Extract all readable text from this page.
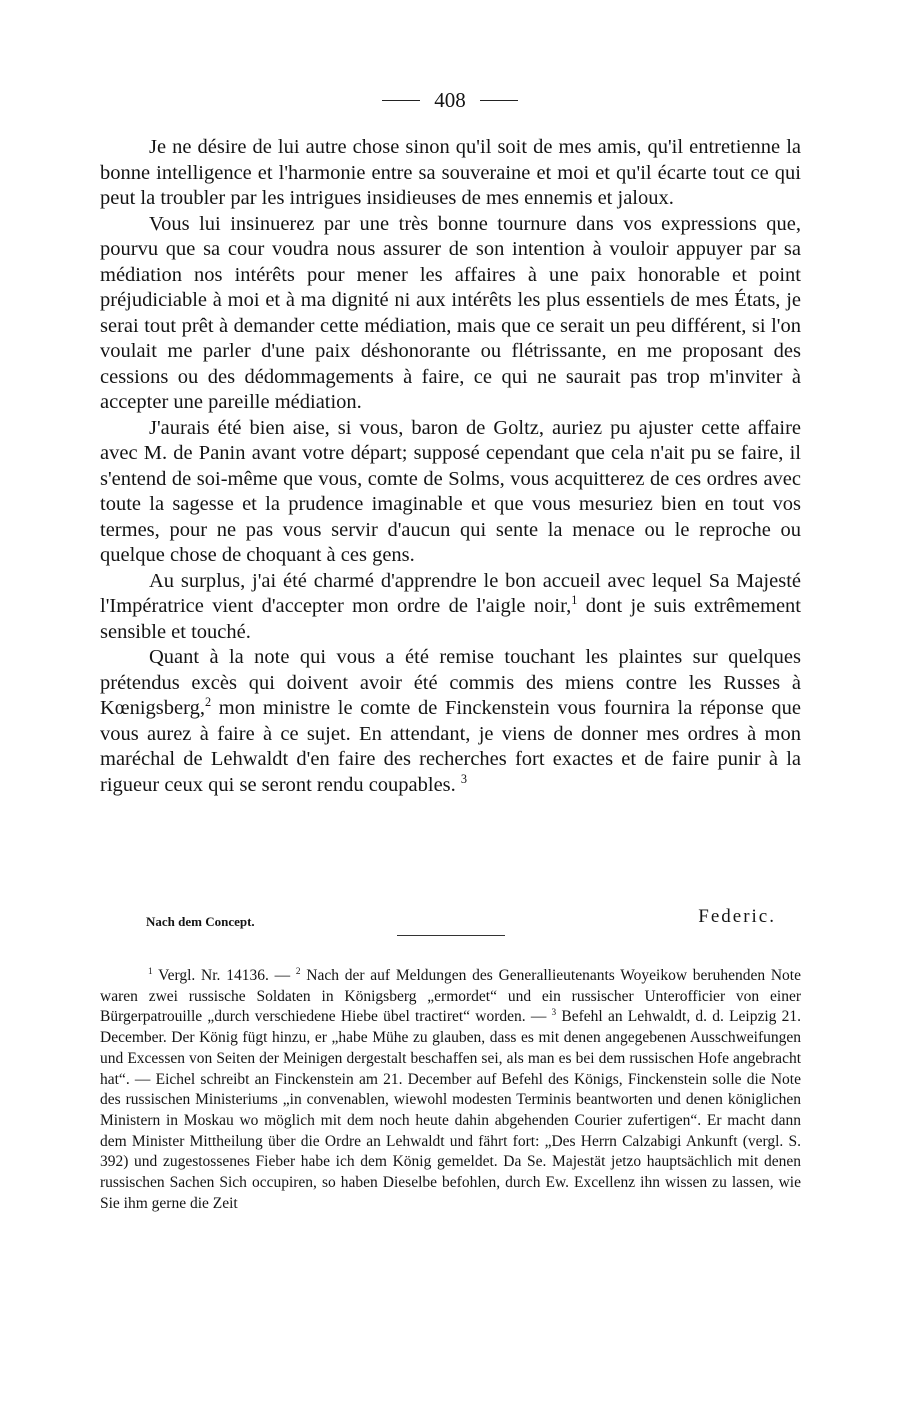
408

Je ne désire de lui autre chose sinon qu'il soit de mes amis, qu'il entretienne la bonne intelligence et l'harmonie entre sa souveraine et moi et qu'il écarte tout ce qui peut la troubler par les intrigues insidieuses de mes ennemis et jaloux.

Vous lui insinuerez par une très bonne tournure dans vos expressions que, pourvu que sa cour voudra nous assurer de son intention à vouloir appuyer par sa médiation nos intérêts pour mener les affaires à une paix honorable et point préjudiciable à moi et à ma dignité ni aux intérêts les plus essentiels de mes États, je serai tout prêt à demander cette médiation, mais que ce serait un peu différent, si l'on voulait me parler d'une paix déshonorante ou flétrissante, en me proposant des cessions ou des dédommagements à faire, ce qui ne saurait pas trop m'inviter à accepter une pareille médiation.

J'aurais été bien aise, si vous, baron de Goltz, auriez pu ajuster cette affaire avec M. de Panin avant votre départ; supposé cependant que cela n'ait pu se faire, il s'entend de soi-même que vous, comte de Solms, vous acquitterez de ces ordres avec toute la sagesse et la prudence imaginable et que vous mesuriez bien en tout vos termes, pour ne pas vous servir d'aucun qui sente la menace ou le reproche ou quelque chose de choquant à ces gens.

Au surplus, j'ai été charmé d'apprendre le bon accueil avec lequel Sa Majesté l'Impératrice vient d'accepter mon ordre de l'aigle noir,$^1$ dont je suis extrêmement sensible et touché.

Quant à la note qui vous a été remise touchant les plaintes sur quelques prétendus excès qui doivent avoir été commis des miens contre les Russes à Kœnigsberg,$^2$ mon ministre le comte de Finckenstein vous fournira la réponse que vous aurez à faire à ce sujet. En attendant, je viens de donner mes ordres à mon maréchal de Lehwaldt d'en faire des recherches fort exactes et de faire punir à la rigueur ceux qui se seront rendu coupables. $^3$

Nach dem Concept.	Federic.

$^1$ Vergl. Nr. 14136. — $^2$ Nach der auf Meldungen des Generallieutenants Woyeikow beruhenden Note waren zwei russische Soldaten in Königsberg „ermordet“ und ein russischer Unterofficier von einer Bürgerpatrouille „durch verschiedene Hiebe übel tractiret“ worden. — $^3$ Befehl an Lehwaldt, d. d. Leipzig 21. December. Der König fügt hinzu, er „habe Mühe zu glauben, dass es mit denen angegebenen Ausschweifungen und Excessen von Seiten der Meinigen dergestalt beschaffen sei, als man es bei dem russischen Hofe angebracht hat“. — Eichel schreibt an Finckenstein am 21. December auf Befehl des Königs, Finckenstein solle die Note des russischen Ministeriums „in convenablen, wiewohl modesten Terminis beantworten und denen königlichen Ministern in Moskau wo möglich mit dem noch heute dahin abgehenden Courier zufertigen“. Er macht dann dem Minister Mittheilung über die Ordre an Lehwaldt und fährt fort: „Des Herrn Calzabigi Ankunft (vergl. S. 392) und zugestossenes Fieber habe ich dem König gemeldet. Da Se. Majestät jetzo hauptsächlich mit denen russischen Sachen Sich occupiren, so haben Dieselbe befohlen, durch Ew. Excellenz ihn wissen zu lassen, wie Sie ihm gerne die Zeit
